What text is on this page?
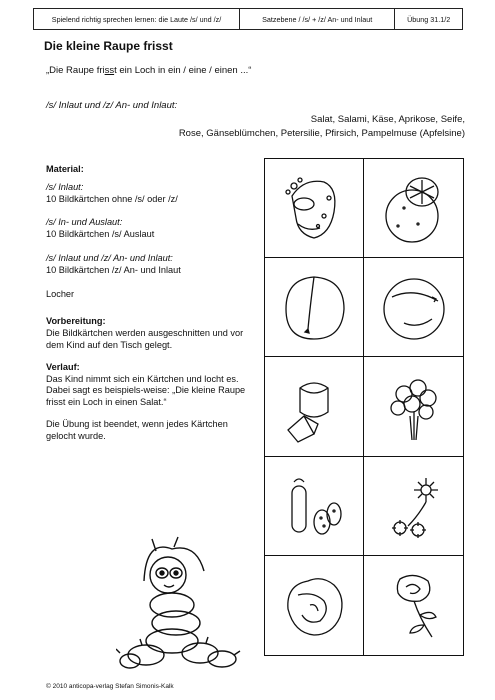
Spielend richtig sprechen lernen: die Laute /s/ und /z/	Satzebene / /s/ + /z/ An- und Inlaut	Übung 31.1/2
Die kleine Raupe frisst
„Die Raupe frisst ein Loch in ein / eine / einen ...“
/s/ Inlaut und /z/ An- und Inlaut:
Salat, Salami, Käse, Aprikose, Seife,
Rose, Gänseblümchen, Petersilie, Pfirsich, Pampelmuse (Apfelsine)

Material:

/s/ Inlaut:

10 Bildkärtchen ohne /s/ oder /z/

/s/ In- und Auslaut:

10 Bildkärtchen /s/ Auslaut

/s/ Inlaut und /z/ An- und Inlaut:

10 Bildkärtchen /z/ An- und Inlaut

Locher

Vorbereitung:

Die Bildkärtchen werden ausgeschnitten und vor dem Kind auf den Tisch gelegt.

Verlauf:

Das Kind nimmt sich ein Kärtchen und locht es. Dabei sagt es beispiels-weise: „Die kleine Raupe frisst ein Loch in einen Salat.“

Die Übung ist beendet, wenn jedes Kärtchen gelocht wurde.

© 2010 anticopa-verlag Stefan Simonis-Kalk
